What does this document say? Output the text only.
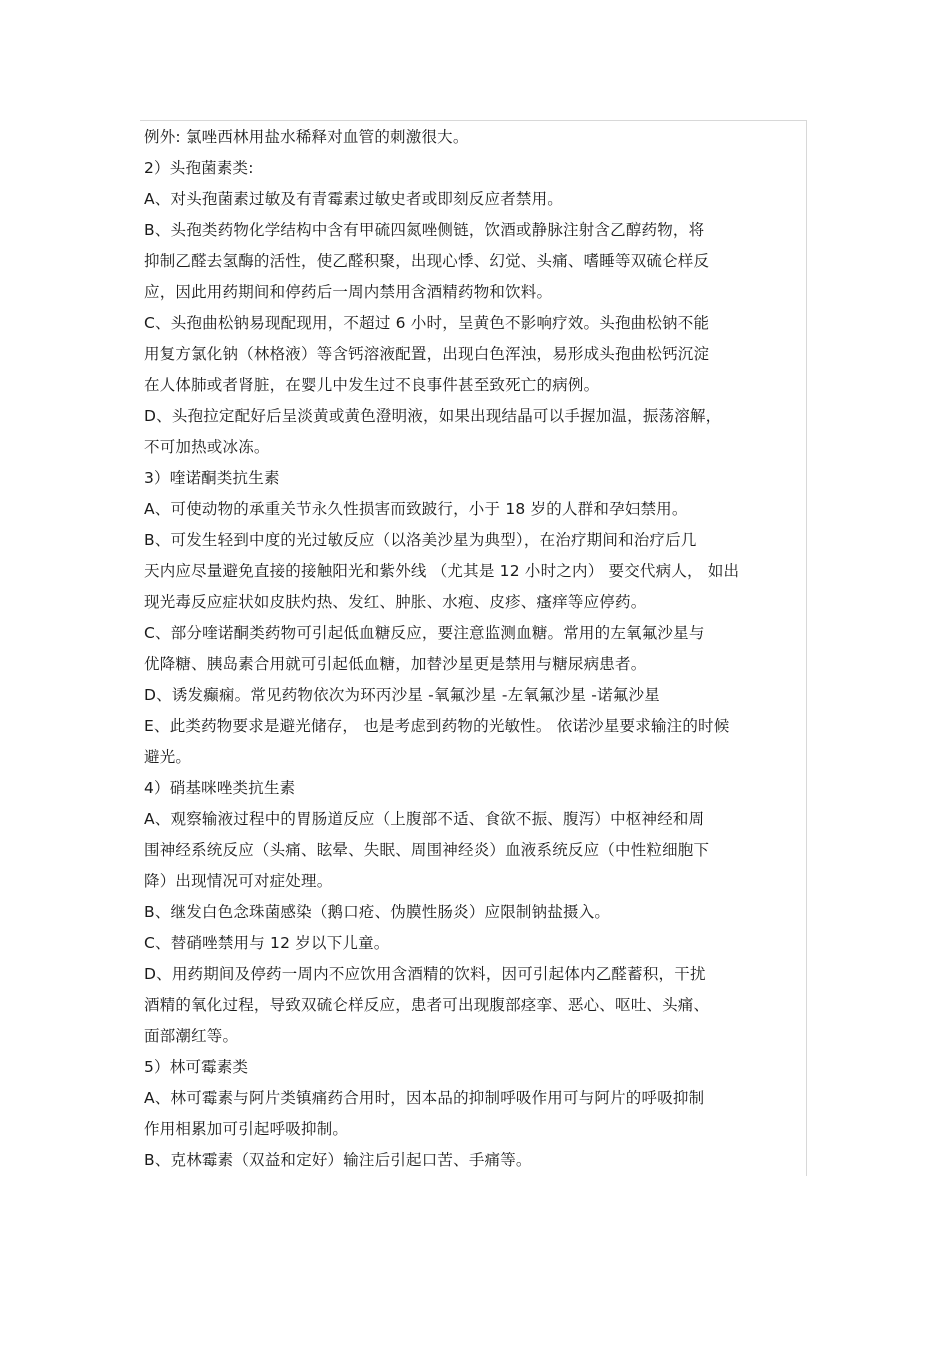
例外: 氯唑西林用盐水稀释对血管的刺激很大。
2）头孢菌素类:
A、对头孢菌素过敏及有青霉素过敏史者或即刻反应者禁用。
B、头孢类药物化学结构中含有甲硫四氮唑侧链，饮酒或静脉注射含乙醇药物，将
抑制乙醛去氢酶的活性，使乙醛积聚，出现心悸、幻觉、头痛、嗜睡等双硫仑样反
应，因此用药期间和停药后一周内禁用含酒精药物和饮料。
C、头孢曲松钠易现配现用，不超过 6 小时，呈黄色不影响疗效。头孢曲松钠不能
用复方氯化钠（林格液）等含钙溶液配置，出现白色浑浊，易形成头孢曲松钙沉淀
在人体肺或者肾脏，在婴儿中发生过不良事件甚至致死亡的病例。
D、头孢拉定配好后呈淡黄或黄色澄明液，如果出现结晶可以手握加温，振荡溶解，
不可加热或冰冻。
3）喹诺酮类抗生素
A、可使动物的承重关节永久性损害而致跛行，小于 18 岁的人群和孕妇禁用。
B、可发生轻到中度的光过敏反应（以洛美沙星为典型），在治疗期间和治疗后几
天内应尽量避免直接的接触阳光和紫外线 （尤其是 12 小时之内） 要交代病人， 如出
现光毒反应症状如皮肤灼热、发红、肿胀、水疱、皮疹、瘙痒等应停药。
C、部分喹诺酮类药物可引起低血糖反应，要注意监测血糖。常用的左氧氟沙星与
优降糖、胰岛素合用就可引起低血糖，加替沙星更是禁用与糖尿病患者。
D、诱发癫痫。常见药物依次为环丙沙星 -氧氟沙星 -左氧氟沙星 -诺氟沙星
E、此类药物要求是避光储存， 也是考虑到药物的光敏性。 依诺沙星要求输注的时候
避光。
4）硝基咪唑类抗生素
A、观察输液过程中的胃肠道反应（上腹部不适、食欲不振、腹泻）中枢神经和周
围神经系统反应（头痛、眩晕、失眠、周围神经炎）血液系统反应（中性粒细胞下
降）出现情况可对症处理。
B、继发白色念珠菌感染（鹅口疮、伪膜性肠炎）应限制钠盐摄入。
C、替硝唑禁用与 12 岁以下儿童。
D、用药期间及停药一周内不应饮用含酒精的饮料，因可引起体内乙醛蓄积，干扰
酒精的氧化过程，导致双硫仑样反应，患者可出现腹部痉挛、恶心、呕吐、头痛、
面部潮红等。
5）林可霉素类
A、林可霉素与阿片类镇痛药合用时，因本品的抑制呼吸作用可与阿片的呼吸抑制
作用相累加可引起呼吸抑制。
B、克林霉素（双益和定好）输注后引起口苦、手痛等。
